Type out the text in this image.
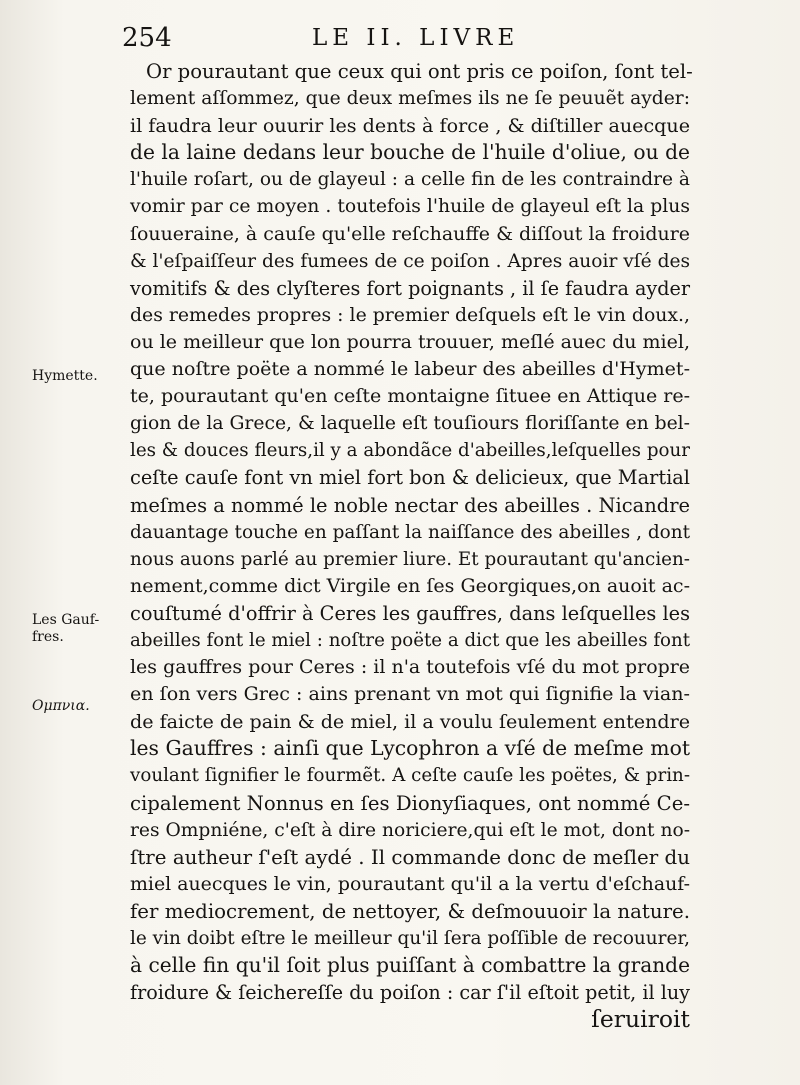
254	LE II. LIVRE
Hymette.
Les Gauf-
fres.
Ομπνια.
Or pourautant que ceux qui ont pris ce poiſon, ſont tel-
lement aſſommez, que deux meſmes ils ne ſe peuuẽt ayder:
il faudra leur ouurir les dents à force , & diſtiller auecque
de la laine dedans leur bouche de l'huile d'oliue, ou de
l'huile roſart, ou de glayeul : a celle fin de les contraindre à
vomir par ce moyen . toutefois l'huile de glayeul eſt la plus
ſouueraine, à cauſe qu'elle reſchauffe & diſſout la froidure
& l'eſpaiſſeur des fumees de ce poiſon . Apres auoir vſé des
vomitifs & des clyſteres fort poignants , il ſe faudra ayder
des remedes propres : le premier deſquels eſt le vin doux.,
ou le meilleur que lon pourra trouuer, meſlé auec du miel,
que noſtre poëte a nommé le labeur des abeilles d'Hymet-
te, pourautant qu'en ceſte montaigne ſituee en Attique re-
gion de la Grece, & laquelle eſt touſiours floriſſante en bel-
les & douces fleurs,il y a abondãce d'abeilles,leſquelles pour
ceſte cauſe font vn miel fort bon & delicieux, que Martial
meſmes a nommé le noble nectar des abeilles . Nicandre
dauantage touche en paſſant la naiſſance des abeilles , dont
nous auons parlé au premier liure. Et pourautant qu'ancien-
nement,comme dict Virgile en ſes Georgiques,on auoit ac-
couſtumé d'offrir à Ceres les gauffres, dans leſquelles les
abeilles font le miel : noſtre poëte a dict que les abeilles font
les gauffres pour Ceres : il n'a toutefois vſé du mot propre
en ſon vers Grec : ains prenant vn mot qui ſignifie la vian-
de faicte de pain & de miel, il a voulu ſeulement entendre
les Gauffres : ainſi que Lycophron a vſé de meſme mot
voulant ſignifier le fourmẽt. A ceſte cauſe les poëtes, & prin-
cipalement Nonnus en ſes Dionyſiaques, ont nommé Ce-
res Ompniéne, c'eſt à dire noriciere,qui eſt le mot, dont no-
ſtre autheur ſ'eſt aydé . Il commande donc de meſler du
miel auecques le vin, pourautant qu'il a la vertu d'eſchauf-
fer mediocrement, de nettoyer, & deſmouuoir la nature.
le vin doibt eſtre le meilleur qu'il ſera poſſible de recouurer,
à celle fin qu'il ſoit plus puiſſant à combattre la grande
froidure & ſeichereſſe du poiſon : car ſ'il eſtoit petit, il luy
ſeruiroit
